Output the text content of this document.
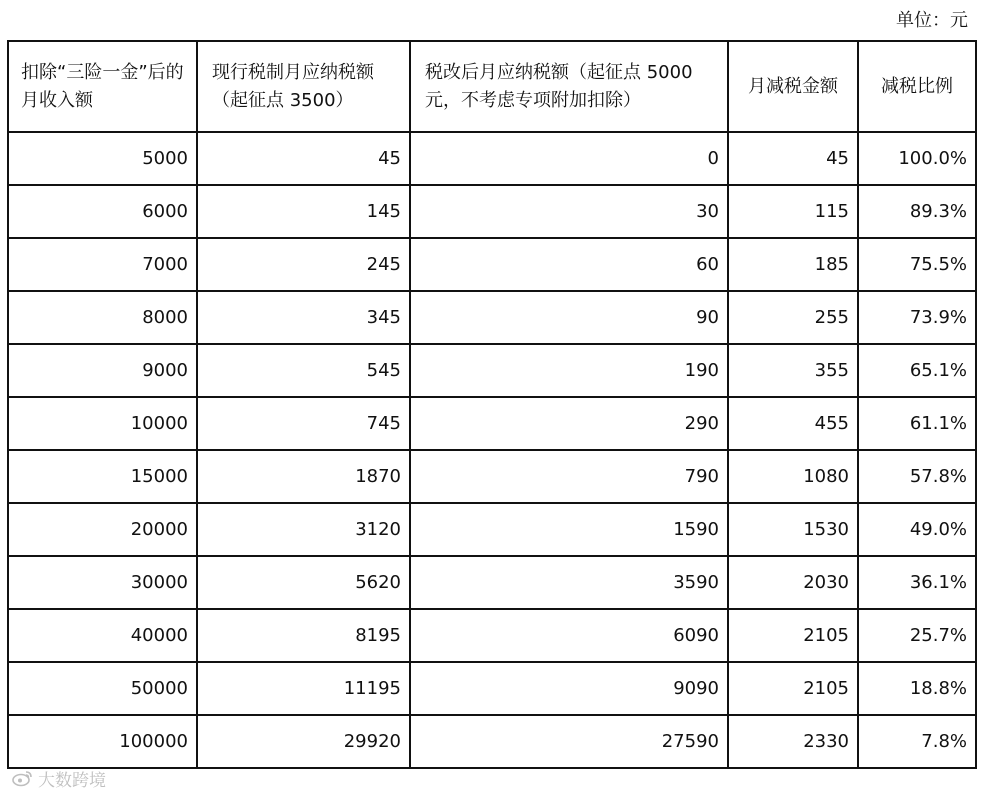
单位：元
扣除“三险一金”后的月收入额	现行税制月应纳税额（起征点 3500）	税改后月应纳税额（起征点 5000 元，不考虑专项附加扣除）	月减税金额	减税比例
5000	45	0	45	100.0%
6000	145	30	115	89.3%
7000	245	60	185	75.5%
8000	345	90	255	73.9%
9000	545	190	355	65.1%
10000	745	290	455	61.1%
15000	1870	790	1080	57.8%
20000	3120	1590	1530	49.0%
30000	5620	3590	2030	36.1%
40000	8195	6090	2105	25.7%
50000	11195	9090	2105	18.8%
100000	29920	27590	2330	7.8%
大数跨境
